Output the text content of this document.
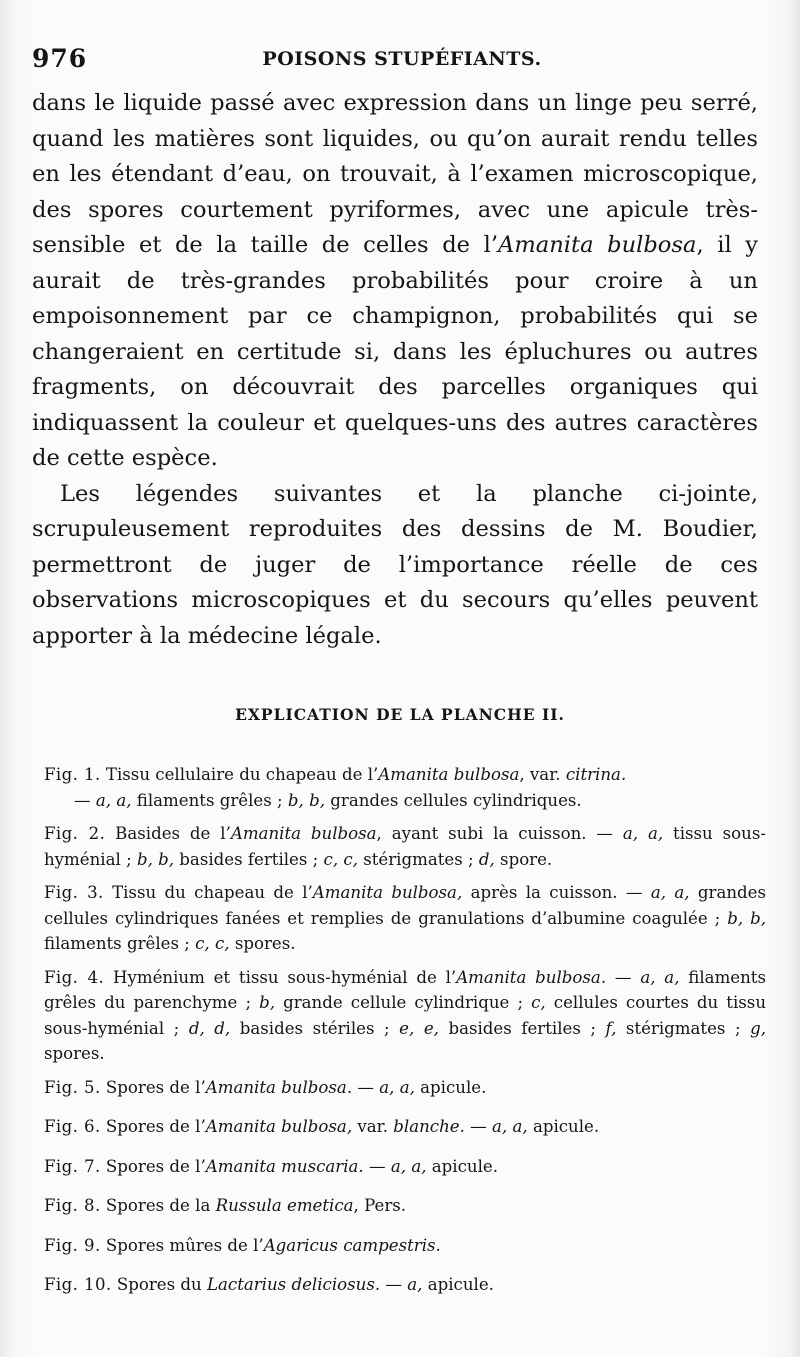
976	POISONS STUPÉFIANTS.

dans le liquide passé avec expression dans un linge peu serré, quand les matières sont liquides, ou qu’on aurait rendu telles en les étendant d’eau, on trouvait, à l’examen microscopique, des spores courtement pyriformes, avec une apicule très-sensible et de la taille de celles de l’Amanita bulbosa, il y aurait de très-grandes probabilités pour croire à un empoisonnement par ce champignon, probabilités qui se changeraient en certitude si, dans les épluchures ou autres fragments, on découvrait des parcelles organiques qui indiquassent la couleur et quelques-uns des autres caractères de cette espèce.

Les légendes suivantes et la planche ci-jointe, scrupuleusement reproduites des dessins de M. Boudier, permettront de juger de l’importance réelle de ces observations microscopiques et du secours qu’elles peuvent apporter à la médecine légale.

EXPLICATION DE LA PLANCHE II.

Fig. 1. Tissu cellulaire du chapeau de l’Amanita bulbosa, var. citrina.
— a, a, filaments grêles ; b, b, grandes cellules cylindriques.

Fig. 2. Basides de l’Amanita bulbosa, ayant subi la cuisson. — a, a, tissu sous-hyménial ; b, b, basides fertiles ; c, c, stérigmates ; d, spore.

Fig. 3. Tissu du chapeau de l’Amanita bulbosa, après la cuisson. — a, a, grandes cellules cylindriques fanées et remplies de granulations d’albumine coagulée ; b, b, filaments grêles ; c, c, spores.

Fig. 4. Hyménium et tissu sous-hyménial de l’Amanita bulbosa. — a, a, filaments grêles du parenchyme ; b, grande cellule cylindrique ; c, cellules courtes du tissu sous-hyménial ; d, d, basides stériles ; e, e, basides fertiles ; f, stérigmates ; g, spores.

Fig. 5. Spores de l’Amanita bulbosa. — a, a, apicule.

Fig. 6. Spores de l’Amanita bulbosa, var. blanche. — a, a, apicule.

Fig. 7. Spores de l’Amanita muscaria. — a, a, apicule.

Fig. 8. Spores de la Russula emetica, Pers.

Fig. 9. Spores mûres de l’Agaricus campestris.

Fig. 10. Spores du Lactarius deliciosus. — a, apicule.
